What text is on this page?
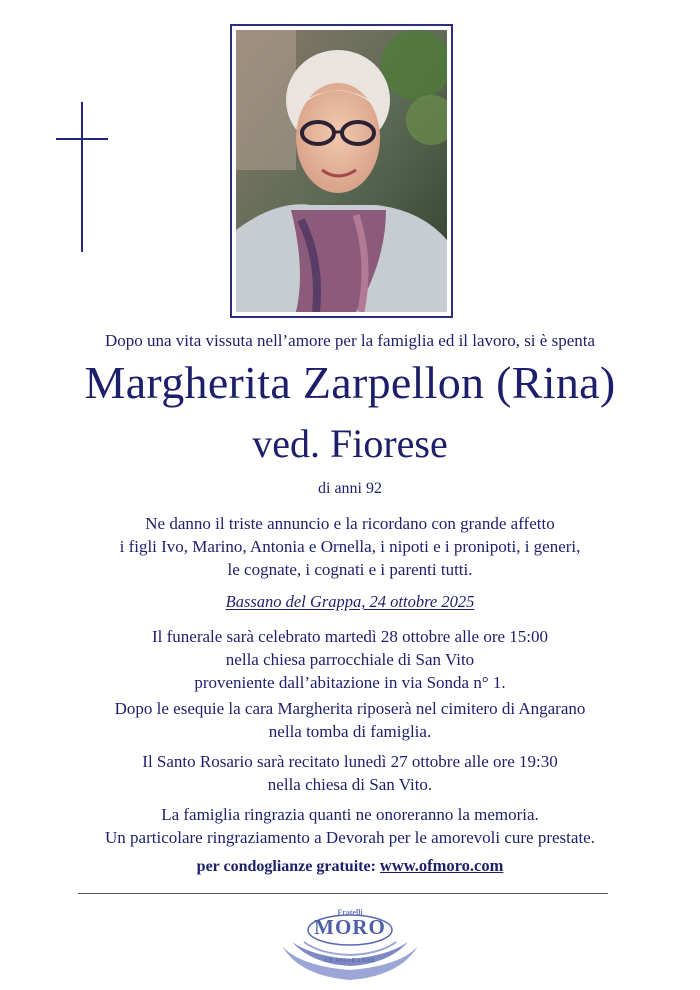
Dopo una vita vissuta nell’amore per la famiglia ed il lavoro, si è spenta
Margherita Zarpellon (Rina)
ved. Fiorese
di anni 92
Ne danno il triste annuncio e la ricordano con grande affetto
i figli Ivo, Marino, Antonia e Ornella, i nipoti e i pronipoti, i generi,
le cognate, i cognati e i parenti tutti.
Bassano del Grappa, 24 ottobre 2025
Il funerale sarà celebrato martedì 28 ottobre alle ore 15:00
nella chiesa parrocchiale di San Vito
proveniente dall’abitazione in via Sonda n° 1.
Dopo le esequie la cara Margherita riposerà nel cimitero di Angarano
nella tomba di famiglia.
Il Santo Rosario sarà recitato lunedì 27 ottobre alle ore 19:30
nella chiesa di San Vito.
La famiglia ringrazia quanti ne onoreranno la memoria.
Un particolare ringraziamento a Devorah per le amorevoli cure prestate.
per condoglianze gratuite: www.ofmoro.com
Fratelli
MORO
LE ONORANZE
